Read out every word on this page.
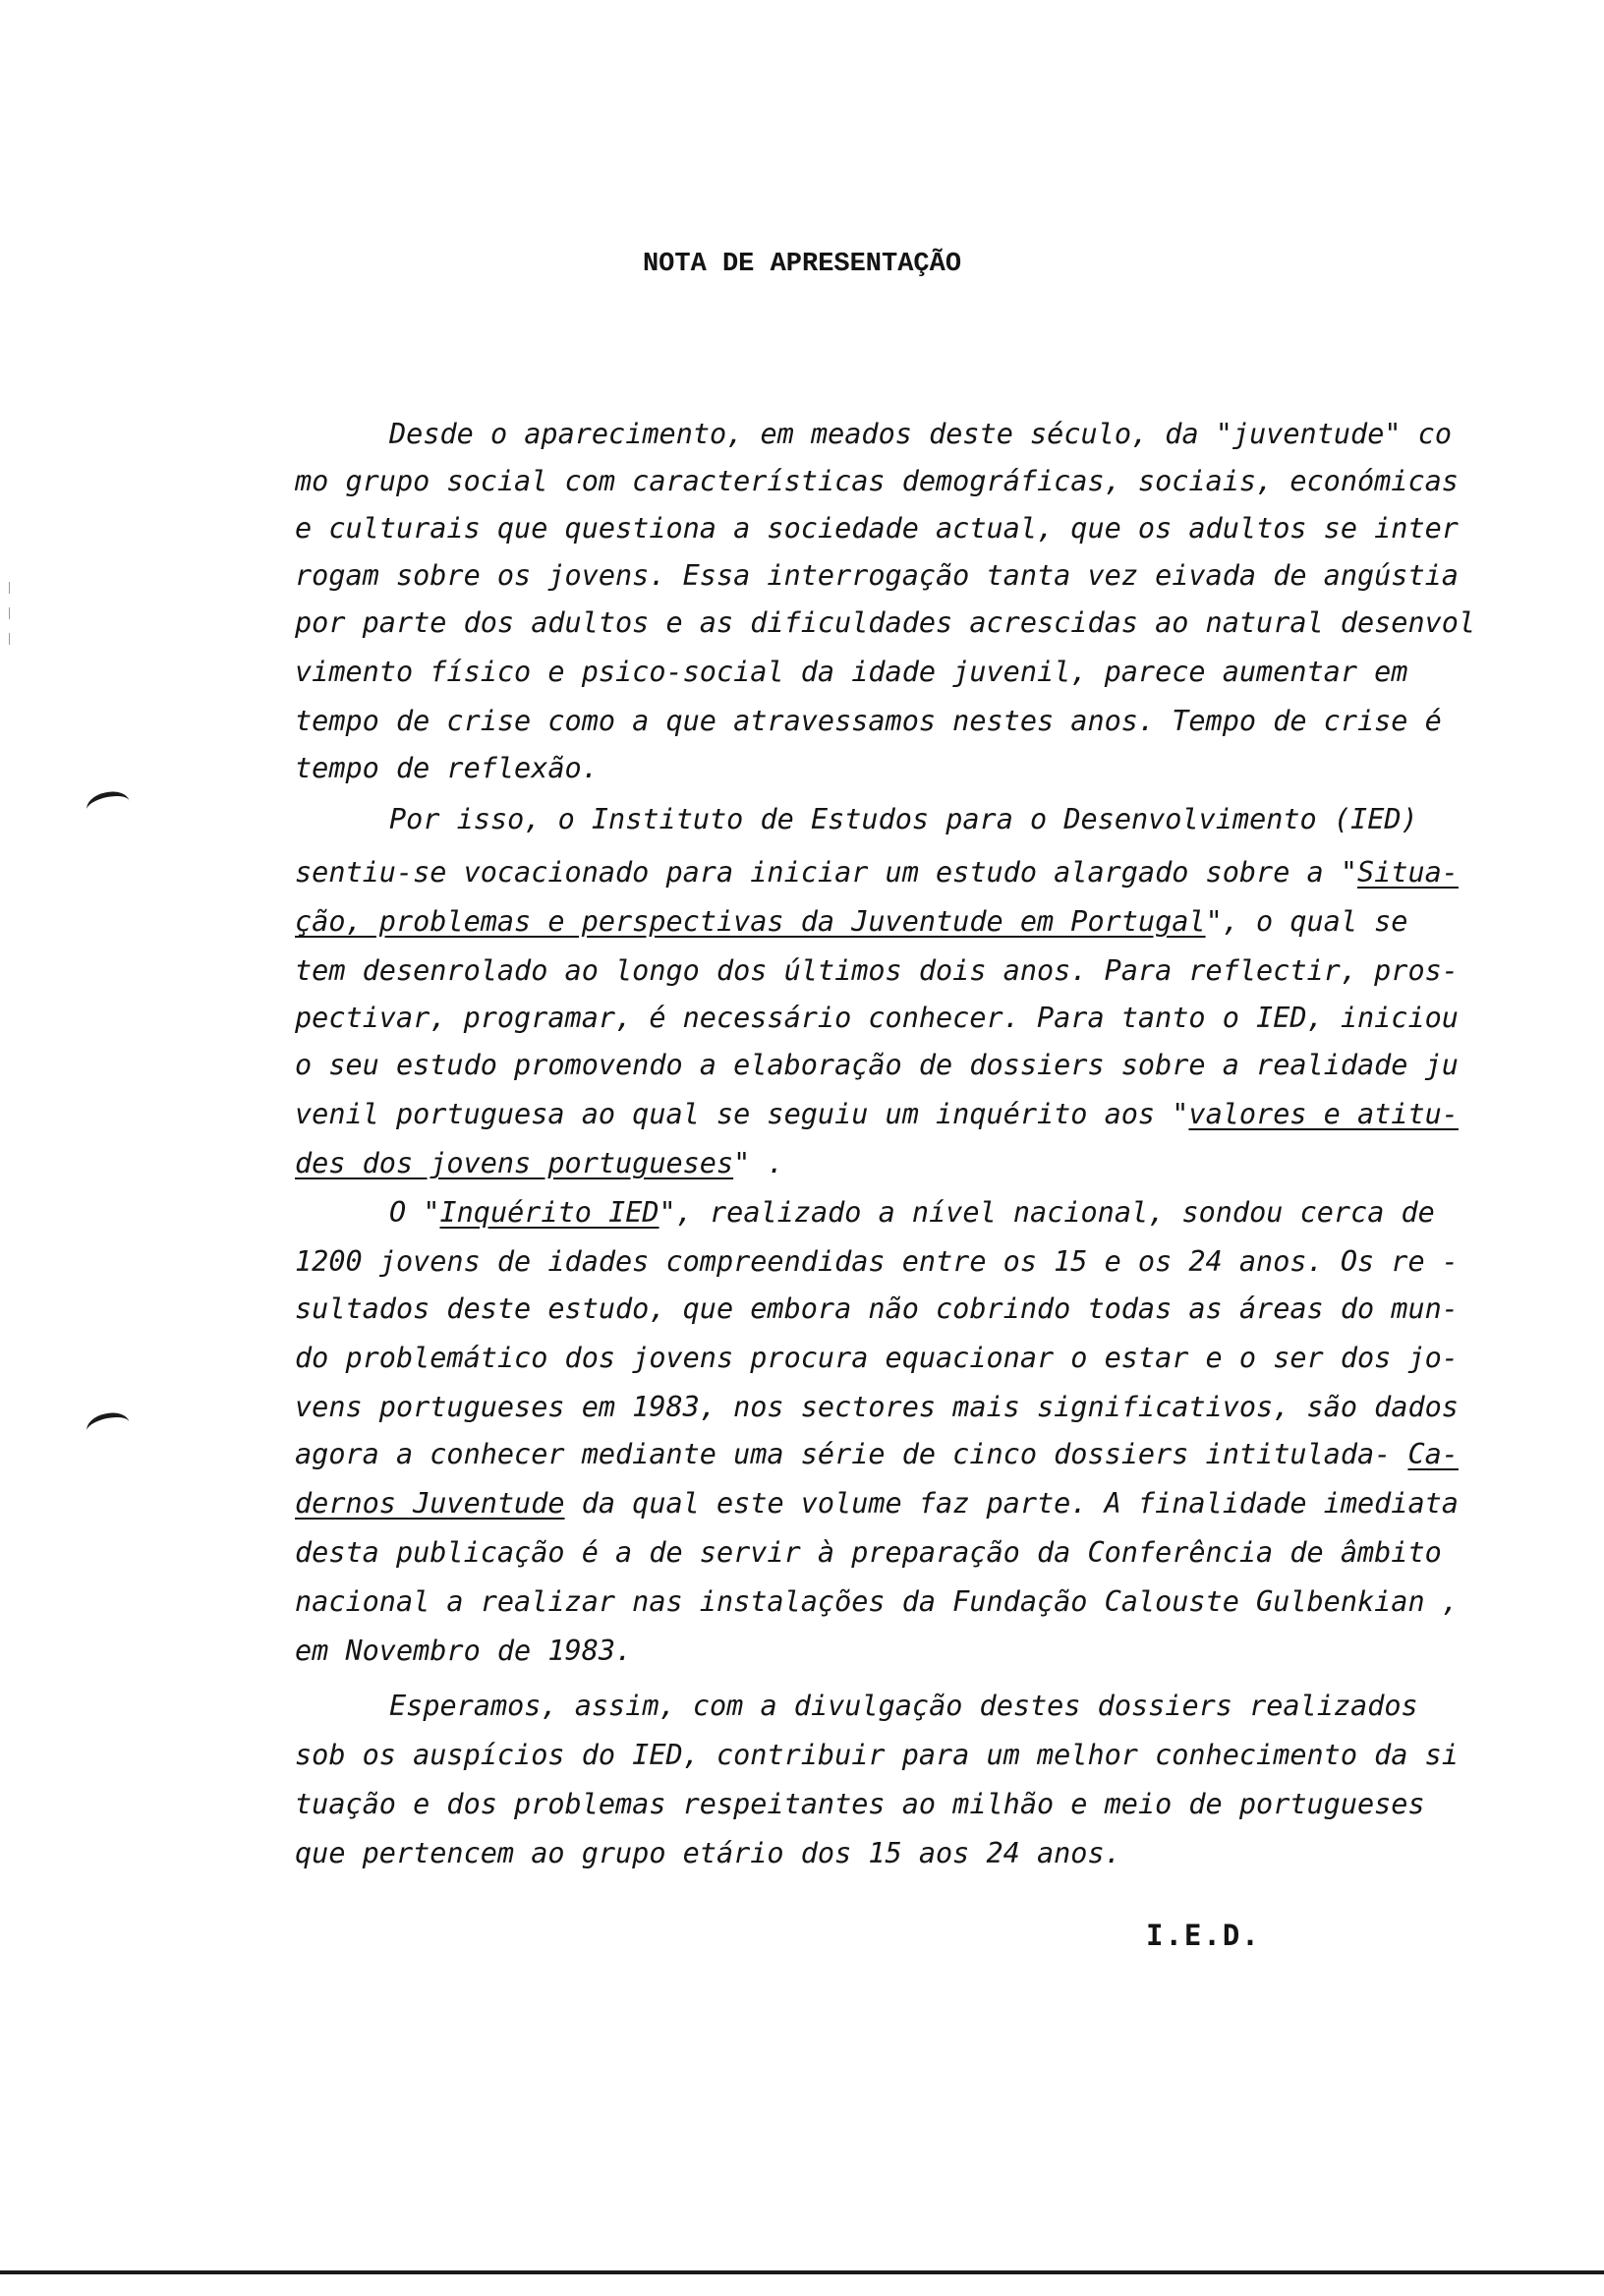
NOTA DE APRESENTAÇÃO
Desde o aparecimento, em meados deste século, da "juventude" co
mo grupo social com características demográficas, sociais, económicas
e culturais que questiona a sociedade actual, que os adultos se inter
rogam sobre os jovens. Essa interrogação tanta vez eivada de angústia
por parte dos adultos e as dificuldades acrescidas ao natural desenvol
vimento físico e psico-social da idade juvenil, parece aumentar em
tempo de crise como a que atravessamos nestes anos. Tempo de crise é
tempo de reflexão.
Por isso, o Instituto de Estudos para o Desenvolvimento (IED)
sentiu-se vocacionado para iniciar um estudo alargado sobre a "Situa-
ção, problemas e perspectivas da Juventude em Portugal", o qual se
tem desenrolado ao longo dos últimos dois anos. Para reflectir, pros-
pectivar, programar, é necessário conhecer. Para tanto o IED, iniciou
o seu estudo promovendo a elaboração de dossiers sobre a realidade ju
venil portuguesa ao qual se seguiu um inquérito aos "valores e atitu-
des dos jovens portugueses" .
O "Inquérito IED", realizado a nível nacional, sondou cerca de
1200 jovens de idades compreendidas entre os 15 e os 24 anos. Os re -
sultados deste estudo, que embora não cobrindo todas as áreas do mun-
do problemático dos jovens procura equacionar o estar e o ser dos jo-
vens portugueses em 1983, nos sectores mais significativos, são dados
agora a conhecer mediante uma série de cinco dossiers intitulada- Ca-
dernos Juventude da qual este volume faz parte. A finalidade imediata
desta publicação é a de servir à preparação da Conferência de âmbito
nacional a realizar nas instalações da Fundação Calouste Gulbenkian ,
em Novembro de 1983.
Esperamos, assim, com a divulgação destes dossiers realizados
sob os auspícios do IED, contribuir para um melhor conhecimento da si
tuação e dos problemas respeitantes ao milhão e meio de portugueses
que pertencem ao grupo etário dos 15 aos 24 anos.
I.E.D.
